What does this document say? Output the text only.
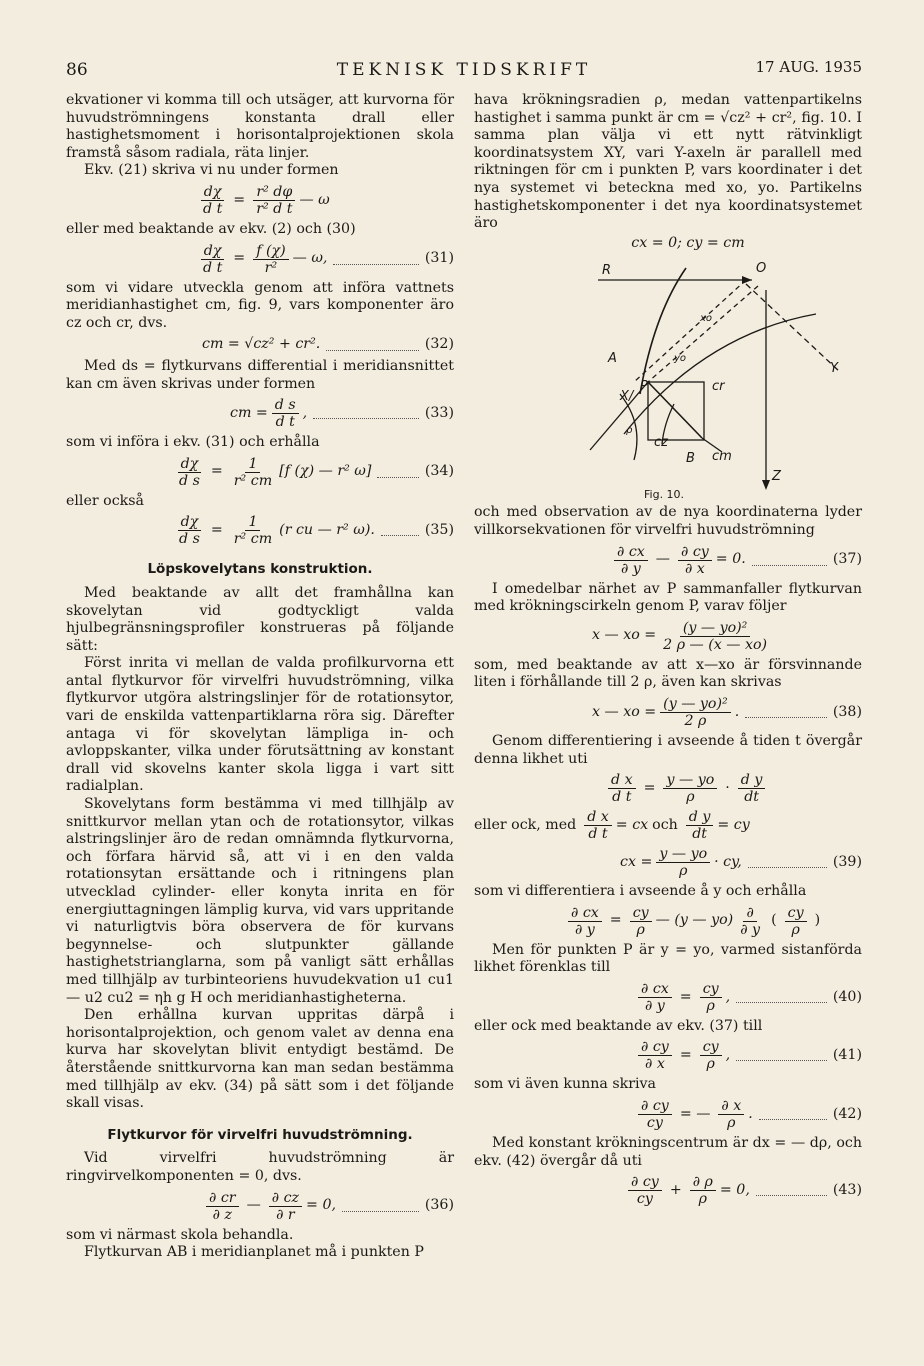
86	TEKNISK TIDSKRIFT	17 AUG. 1935

ekvationer vi komma till och utsäger, att kurvorna för huvudströmningens konstanta drall eller hastighetsmoment i horisontalprojektionen skola framstå såsom radiala, räta linjer.

Ekv. (21) skriva vi nu under formen

$\frac{d\chi}{\text{d t}} = \frac{\text{r² dφ}}{\text{r² d t}}$ — ω

eller med beaktande av ekv. (2) och (30)

$\frac{d\chi}{\text{d t}} = \frac{f (\chi)}{\text{r²}}$ — ω,	(31)

som vi vidare utveckla genom att införa vattnets meridianhastighet cm, fig. 9, vars komponenter äro cz och cr, dvs.

cm = √cz² + cr².	(32)

Med ds = flytkurvans differential i meridiansnittet kan cm även skrivas under formen

cm = $\frac{\text{d s}}{\text{d t}}$ ,	(33)

som vi införa i ekv. (31) och erhålla

$\frac{d\chi}{\text{d s}} = \frac{1}{\text{r² cm}} [f$ (χ) — r² ω]	(34)

eller också

$\frac{d\chi}{\text{d s}} = \frac{1}{\text{r² cm}} (r$ cu — r² ω).	(35)
Löpskovelytans konstruktion.

Med beaktande av allt det framhållna kan skovelytan vid godtyckligt valda hjulbegränsningsprofiler konstrueras på följande sätt:

Först inrita vi mellan de valda profilkurvorna ett antal flytkurvor för virvelfri huvudströmning, vilka flytkurvor utgöra alstringslinjer för de rotationsytor, vari de enskilda vattenpartiklarna röra sig. Därefter antaga vi för skovelytan lämpliga in- och avloppskanter, vilka under förutsättning av konstant drall vid skovelns kanter skola ligga i vart sitt radialplan.

Skovelytans form bestämma vi med tillhjälp av snittkurvor mellan ytan och de rotationsytor, vilkas alstringslinjer äro de redan omnämnda flytkurvorna, och förfara härvid så, att vi i en den valda rotationsytan ersättande och i ritningens plan utvecklad cylinder- eller konyta inrita en för energiuttagningen lämplig kurva, vid vars uppritande vi naturligtvis böra observera de för kurvans begynnelse- och slutpunkter gällande hastighetstrianglarna, som på vanligt sätt erhållas med tillhjälp av turbinteoriens huvudekvation u1 cu1 — u2 cu2 = ηh g H och meridianhastigheterna.

Den erhållna kurvan uppritas därpå i horisontalprojektion, och genom valet av denna ena kurva har skovelytan blivit entydigt bestämd. De återstående snittkurvorna kan man sedan bestämma med tillhjälp av ekv. (34) på sätt som i det följande skall visas.

Flytkurvor för virvelfri huvudströmning.

Vid virvelfri huvudströmning är ringvirvelkomponenten = 0, dvs.

$\frac{\partial cr}{\partial z}$ — $\frac{\partial cz}{\partial r} = 0$,	(36)

som vi närmast skola behandla.

Flytkurvan AB i meridianplanet må i punkten P

hava krökningsradien ρ, medan vattenpartikelns hastighet i samma punkt är cm = √cz² + cr², fig. 10. I samma plan välja vi ett nytt rätvinkligt koordinatsystem XY, vari Y-axeln är parallell med riktningen för cm i punkten P, vars koordinater i det nya systemet vi beteckna med xo, yo. Partikelns hastighetskomponenter i det nya koordinatsystemet äro

cx = 0; cy = cm
R	O
Y
A
X/
P	cr
cz
B cm
Z
xo
yo
ρ
Fig. 10.

och med observation av de nya koordinaterna lyder villkorsekvationen för virvelfri huvudströmning

$\frac{\partial cx}{\partial y}$ — $\frac{\partial cy}{\partial x} = 0$.	(37)

I omedelbar närhet av P sammanfaller flytkurvan med krökningscirkeln genom P, varav följer

x — xo = $\frac{\text{(y — yo)²}}{2 \rho — (x — xo)}$

som, med beaktande av att x—xo är försvinnande liten i förhållande till 2 ρ, även kan skrivas

x — xo = $\frac{\text{(y — yo)²}}{2 \rho}$ .	(38)

Genom differentiering i avseende å tiden t övergår denna likhet uti

$\frac{\text{d x}}{\text{d t}} = \frac{y — yo}{\rho} \cdot \frac{\text{d y}}{dt}$
eller ock, med $\frac{\text{d x}}{\text{d t}}$ = cx och $\frac{\text{d y}}{dt}$ = cy
cx = $\frac{y — yo}{\rho}$ · cy,	(39)

som vi differentiera i avseende å y och erhålla

$\frac{\partial cx}{\partial y} = \frac{cy}{\rho}$ — (y — $yo) \frac{\partial}{\partial y}$ ( $\frac{cy}{\rho}$ )

Men för punkten P är y = yo, varmed sistanförda likhet förenklas till

$\frac{\partial cx}{\partial y} = \frac{cy}{\rho}$ ,	(40)

eller ock med beaktande av ekv. (37) till

$\frac{\partial cy}{\partial x} = \frac{cy}{\rho}$ ,	(41)

som vi även kunna skriva

$\frac{\partial cy}{cy}$ = — $\frac{\partial x}{\rho}$ .	(42)

Med konstant krökningscentrum är dx = — dρ, och ekv. (42) övergår då uti

$\frac{\partial cy}{cy} + \frac{\partial \rho}{\rho} = 0$,	(43)
